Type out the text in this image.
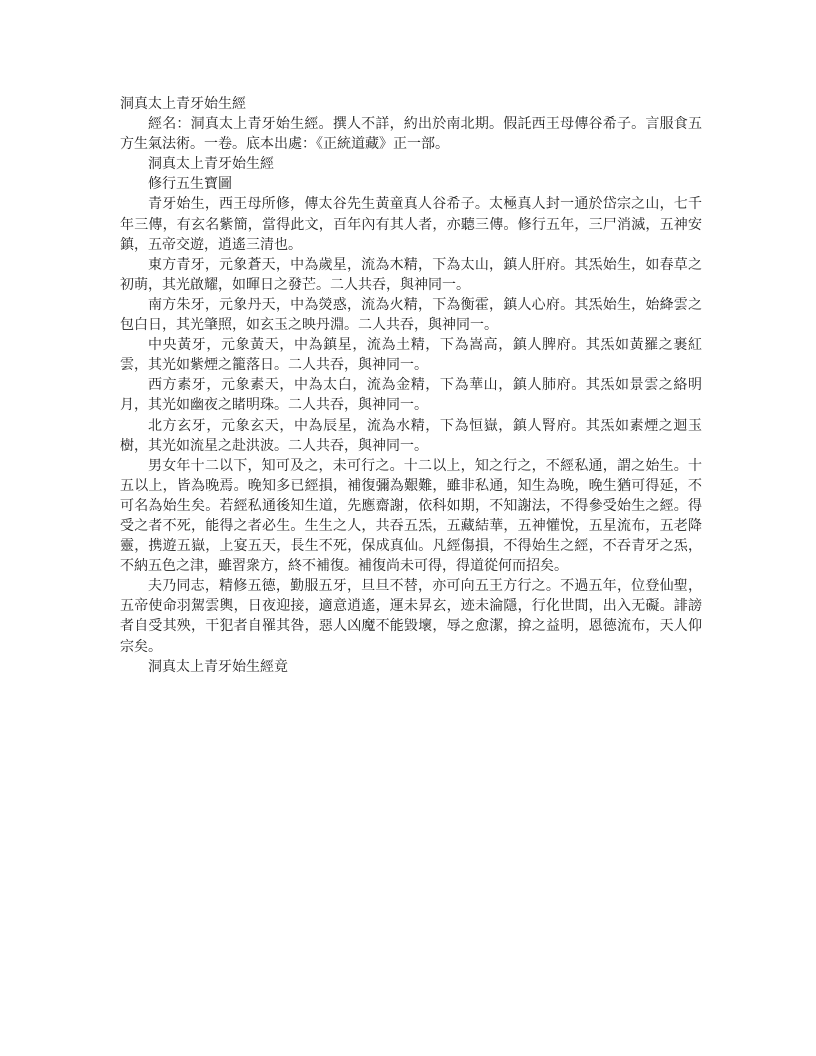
洞真太上青牙始生經

經名：洞真太上青牙始生經。撰人不詳，約出於南北期。假託西王母傳谷希子。言服食五方生氣法術。一卷。底本出處：《正統道藏》正一部。

洞真太上青牙始生經

修行五生寶圖

青牙始生，西王母所修，傳太谷先生黃童真人谷希子。太極真人封一通於岱宗之山，七千年三傳，有玄名紫簡，當得此文，百年內有其人者，亦聽三傳。修行五年，三尸消滅，五神安鎮，五帝交遊，逍遙三清也。

東方青牙，元象蒼天，中為歲星，流為木精，下為太山，鎮人肝府。其炁始生，如春草之初萌，其光啟耀，如暉日之發芒。二人共吞，與神同一。

南方朱牙，元象丹天，中為熒惑，流為火精，下為衡霍，鎮人心府。其炁始生，始絳雲之包白日，其光肇照，如玄玉之映丹淵。二人共吞，與神同一。

中央黃牙，元象黃天，中為鎮星，流為土精，下為嵩高，鎮人脾府。其炁如黃羅之裹紅雲，其光如紫煙之籠落日。二人共吞，與神同一。

西方素牙，元象素天，中為太白，流為金精，下為華山，鎮人肺府。其炁如景雲之絡明月，其光如幽夜之睹明珠。二人共吞，與神同一。

北方玄牙，元象玄天，中為辰星，流為水精，下為恒嶽，鎮人腎府。其炁如素煙之迴玉樹，其光如流星之赴洪波。二人共吞，與神同一。

男女年十二以下，知可及之，未可行之。十二以上，知之行之，不經私通，謂之始生。十五以上，皆為晚焉。晚知多已經損，補復彌為艱難，雖非私通，知生為晚，晚生猶可得延，不可名為始生矣。若經私通後知生道，先應齋謝，依科如期，不知謝法，不得參受始生之經。得受之者不死，能得之者必生。生生之人，共吞五炁，五藏結華，五神懽悅，五星流布，五老降靈，携遊五嶽，上宴五天，長生不死，保成真仙。凡經傷損，不得始生之經，不吞青牙之炁，不納五色之津，雖習衆方，終不補復。補復尚未可得，得道從何而招矣。

夫乃同志，精修五德，勤服五牙，旦旦不替，亦可向五王方行之。不過五年，位登仙聖，五帝使命羽駕雲輿，日夜迎接，適意逍遙，運未昇玄，迹未淪隱，行化世間，出入无礙。誹謗者自受其殃，干犯者自罹其咎，惡人凶魔不能毀壞，辱之愈潔，揜之益明，恩德流布，天人仰宗矣。

洞真太上青牙始生經竟
